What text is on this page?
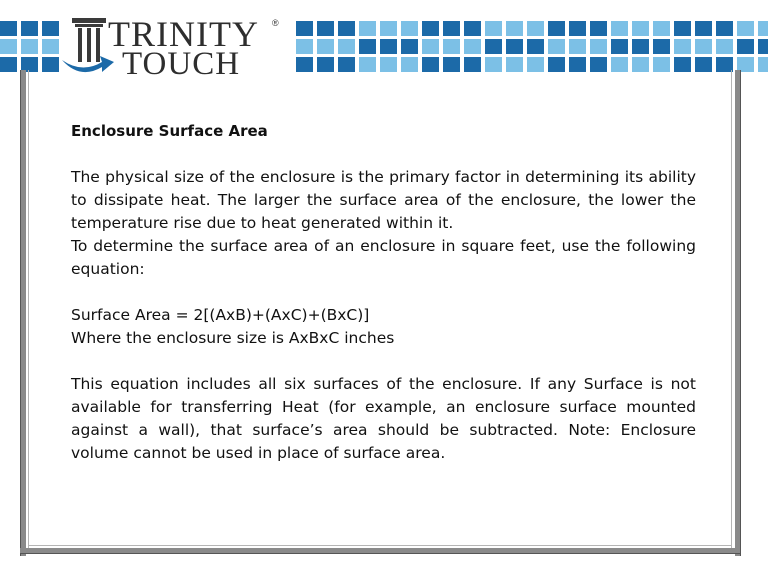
TRINITY
TOUCH
®

Enclosure Surface Area

The physical size of the enclosure is the primary factor in determining its ability to dissipate heat. The larger the surface area of the enclosure, the lower the temperature rise due to heat generated within it.

To determine the surface area of an enclosure in square feet, use the following equation:

Surface Area = 2[(AxB)+(AxC)+(BxC)]

Where the enclosure size is AxBxC inches

This equation includes all six surfaces of the enclosure. If any Surface is not available for transferring Heat (for example, an enclosure surface mounted against a wall), that surface’s area should be subtracted. Note: Enclosure volume cannot be used in place of surface area.
